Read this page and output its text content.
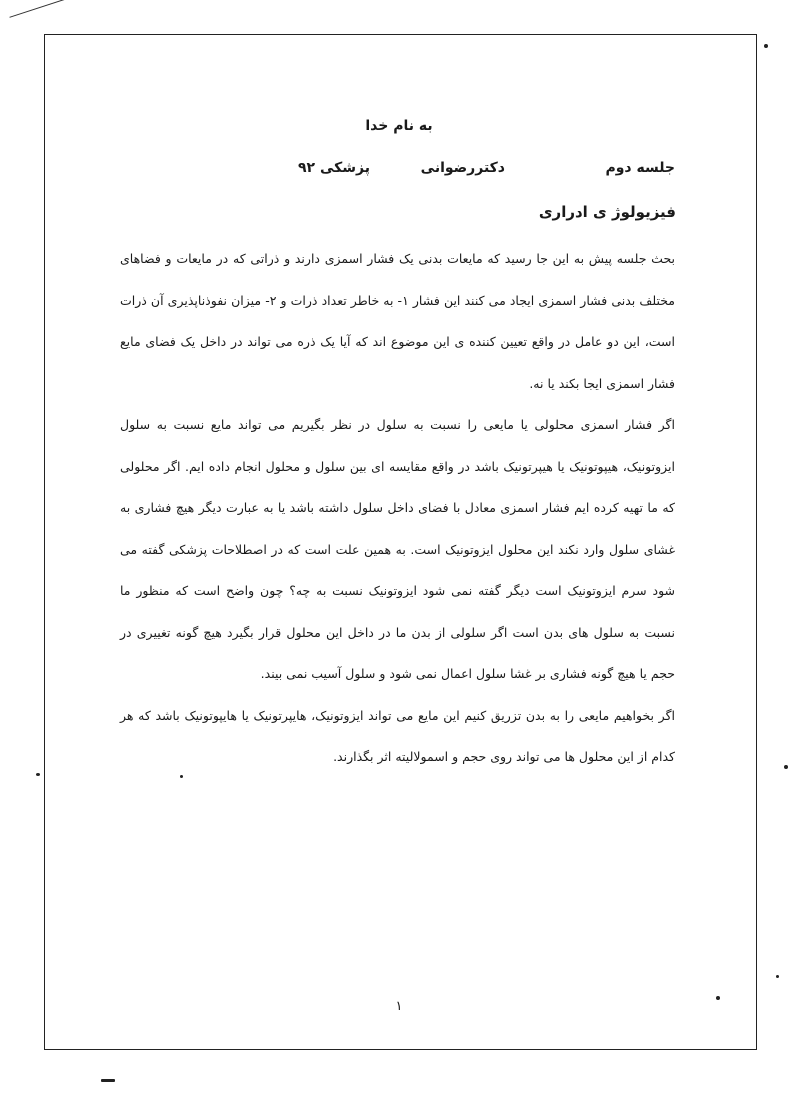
به نام خدا
جلسه دوم
دکتررضوانی
پزشکی ۹۲
فیزیولوژ ی ادراری

بحث جلسه پیش به این جا رسید که مایعات بدنی یک فشار اسمزی دارند و ذراتی که در مایعات و فضاهای مختلف بدنی فشار اسمزی ایجاد می کنند این فشار ۱- به خاطر تعداد ذرات و ۲- میزان نفوذناپذیری آن ذرات است، این دو عامل در واقع تعیین کننده ی این موضوع اند که آیا یک ذره می تواند در داخل یک فضای مایع فشار اسمزی ایجا بکند یا نه.

اگر فشار اسمزی محلولی یا مایعی را نسبت به سلول در نظر بگیریم می تواند مایع نسبت به سلول ایزوتونیک، هیپوتونیک یا هیپرتونیک باشد در واقع مقایسه ای بین سلول و محلول انجام داده ایم. اگر محلولی که ما تهیه کرده ایم فشار اسمزی معادل با فضای داخل سلول داشته باشد یا به عبارت دیگر هیچ فشاری به غشای سلول وارد نکند این محلول ایزوتونیک است. به همین علت است که در اصطلاحات پزشکی گفته می شود سرم ایزوتونیک است دیگر گفته نمی شود ایزوتونیک نسبت به چه؟ چون واضح است که منظور ما نسبت به سلول های بدن است اگر سلولی از بدن ما در داخل این محلول قرار بگیرد هیچ گونه تغییری در حجم یا هیچ گونه فشاری بر غشا سلول اعمال نمی شود و سلول آسیب نمی بیند.

اگر بخواهیم مایعی را به بدن تزریق کنیم این مایع می تواند ایزوتونیک، هایپرتونیک یا هایپوتونیک باشد که هر کدام از این محلول ها می تواند روی حجم و اسمولالیته اثر بگذارند.

۱
